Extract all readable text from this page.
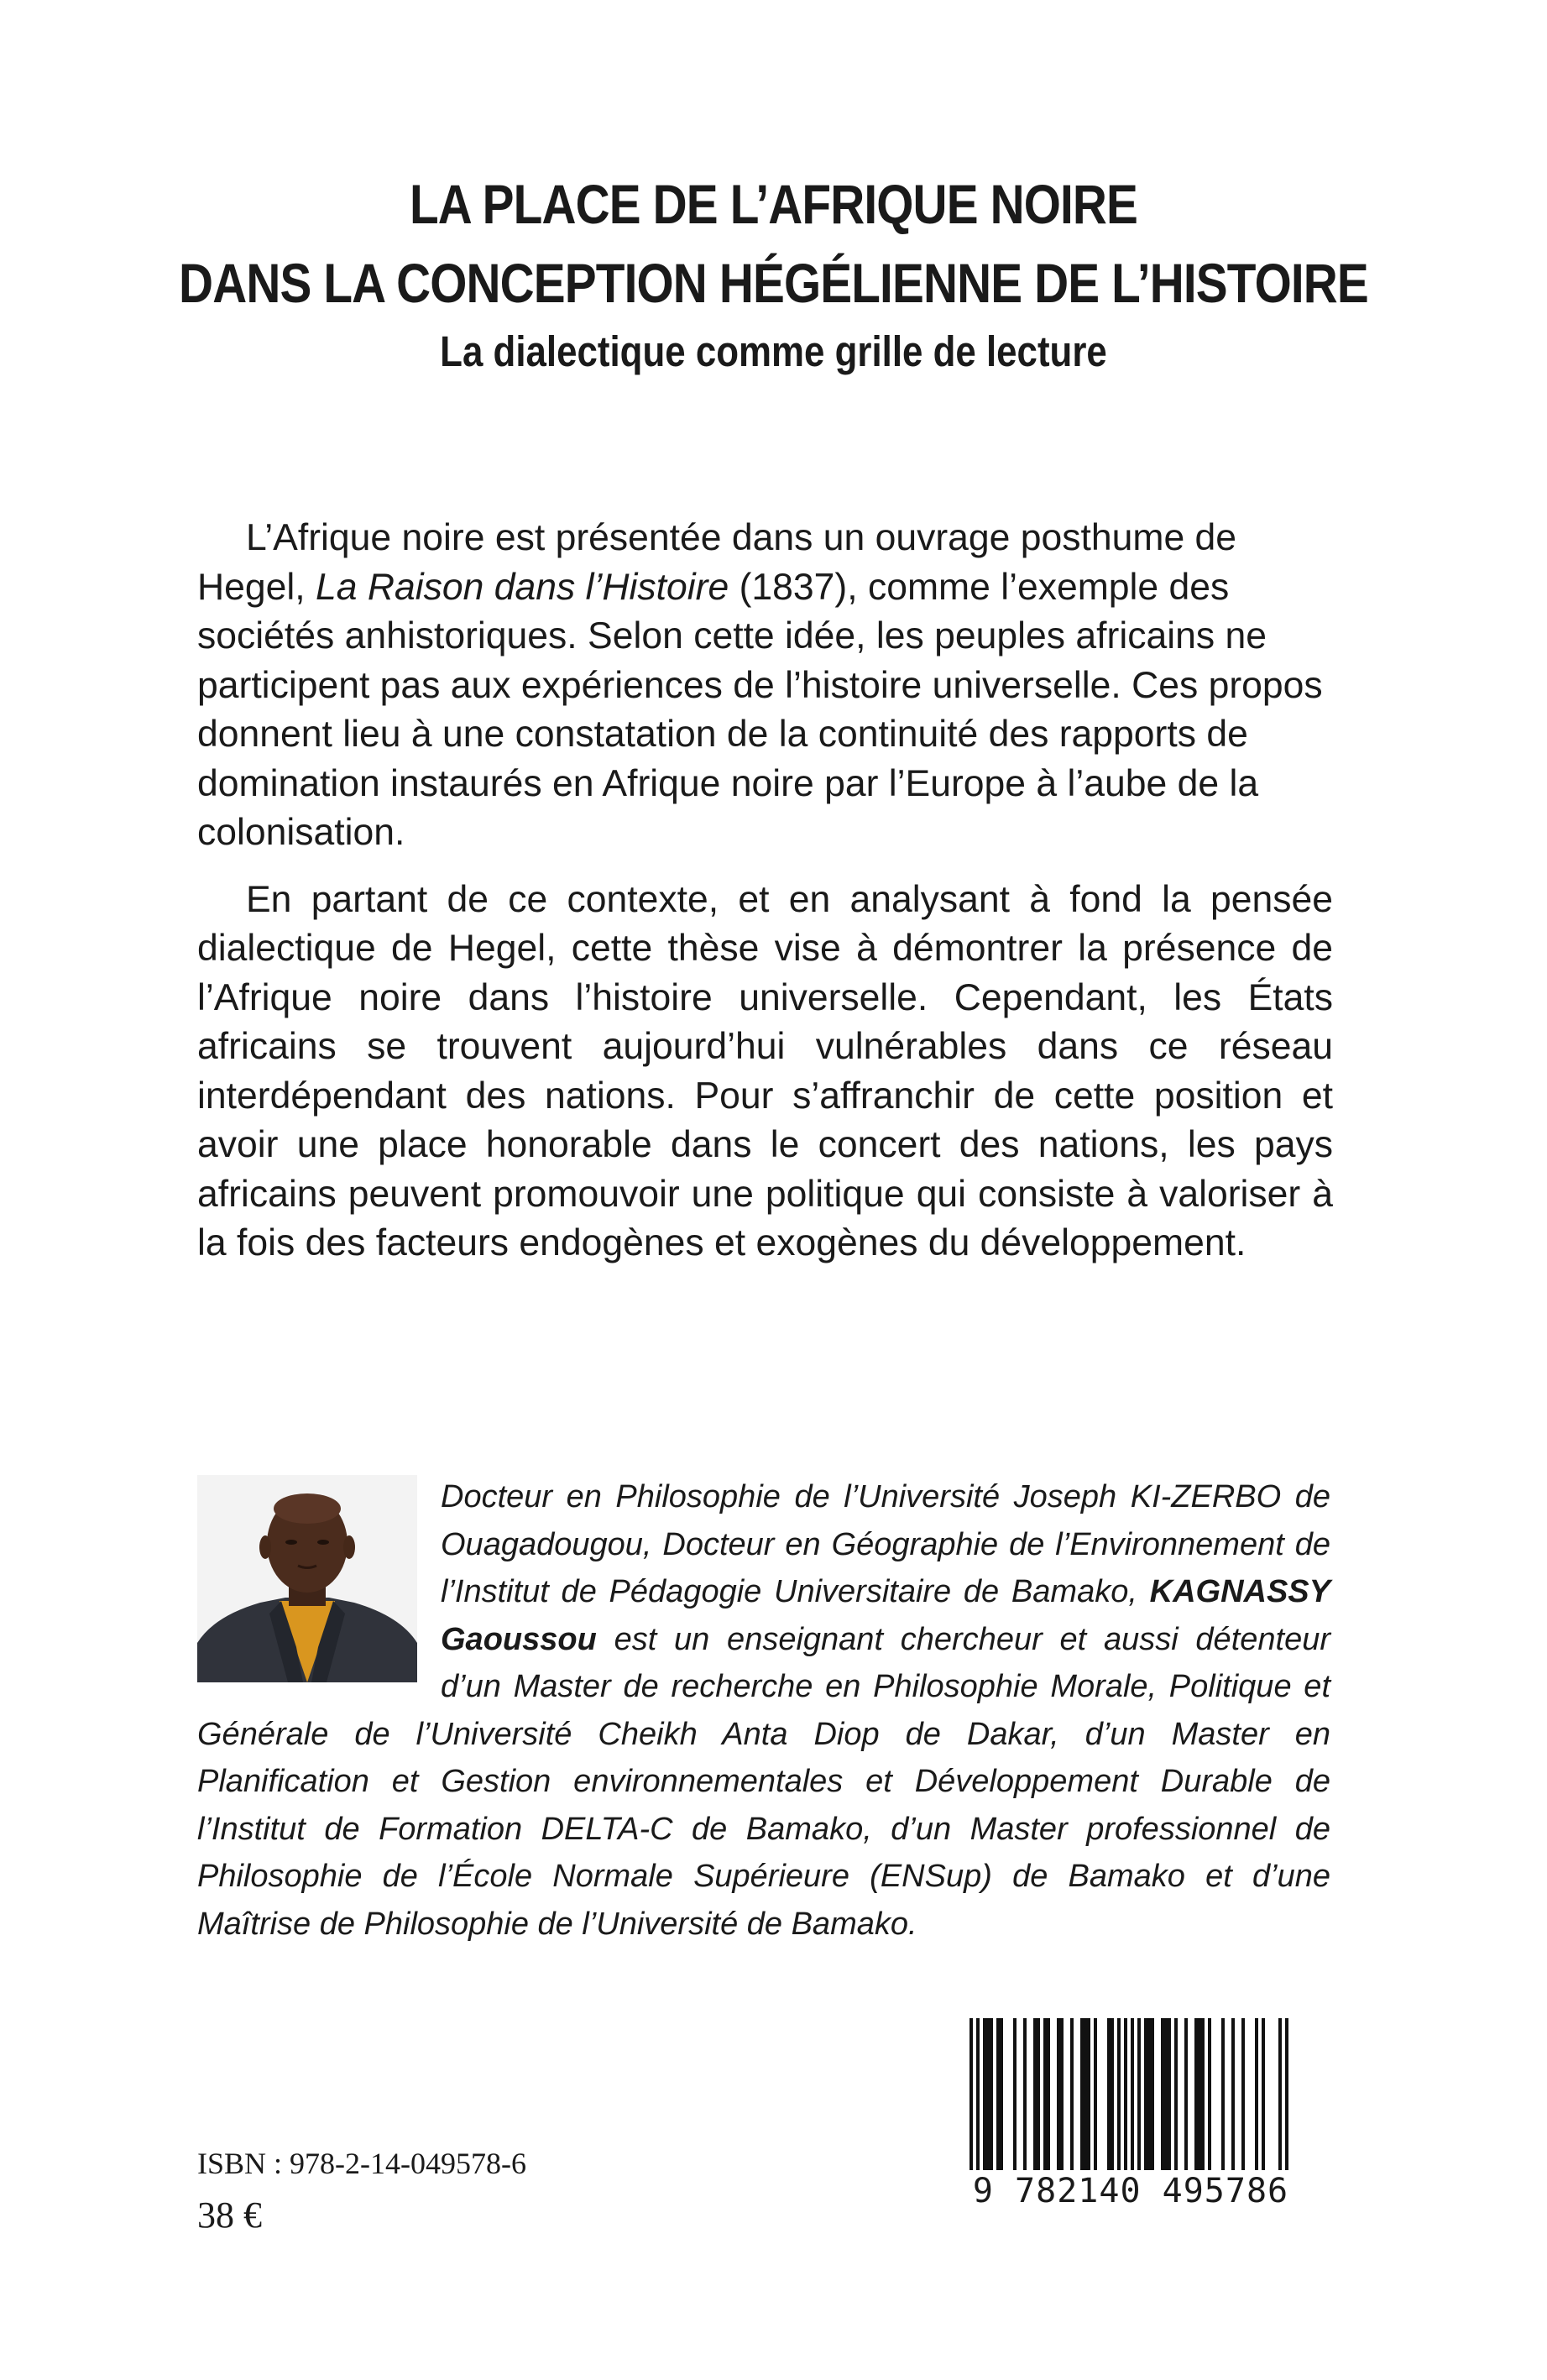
LA PLACE DE L’AFRIQUE NOIRE
DANS LA CONCEPTION HÉGÉLIENNE DE L’HISTOIRE
La dialectique comme grille de lecture

L’Afrique noire est présentée dans un ouvrage posthume de Hegel, La Raison dans l’Histoire (1837), comme l’exemple des sociétés anhistoriques. Selon cette idée, les peuples africains ne participent pas aux expériences de l’histoire universelle. Ces propos donnent lieu à une constatation de la continuité des rapports de domination instaurés en Afrique noire par l’Europe à l’aube de la colonisation.

En partant de ce contexte, et en analysant à fond la pensée dialectique de Hegel, cette thèse vise à démontrer la présence de l’Afrique noire dans l’histoire universelle. Cependant, les États africains se trouvent aujourd’hui vulnérables dans ce réseau interdépendant des nations. Pour s’affranchir de cette position et avoir une place honorable dans le concert des nations, les pays africains peuvent promouvoir une politique qui consiste à valoriser à la fois des facteurs endogènes et exogènes du développement.

Docteur en Philosophie de l’Université Joseph KI-ZERBO de Ouagadougou, Docteur en Géographie de l’Environnement de l’Institut de Pédagogie Universitaire de Bamako, KAGNASSY Gaoussou est un enseignant chercheur et aussi détenteur d’un Master de recherche en Philosophie Morale, Politique et Générale de l’Université Cheikh Anta Diop de Dakar, d’un Master en Planification et Gestion environnementales et Développement Durable de l’Institut de Formation DELTA-C de Bamako, d’un Master professionnel de Philosophie de l’École Normale Supérieure (ENSup) de Bamako et d’une Maîtrise de Philosophie de l’Université de Bamako.

ISBN : 978-2-14-049578-6
38 €
9 782140 495786
